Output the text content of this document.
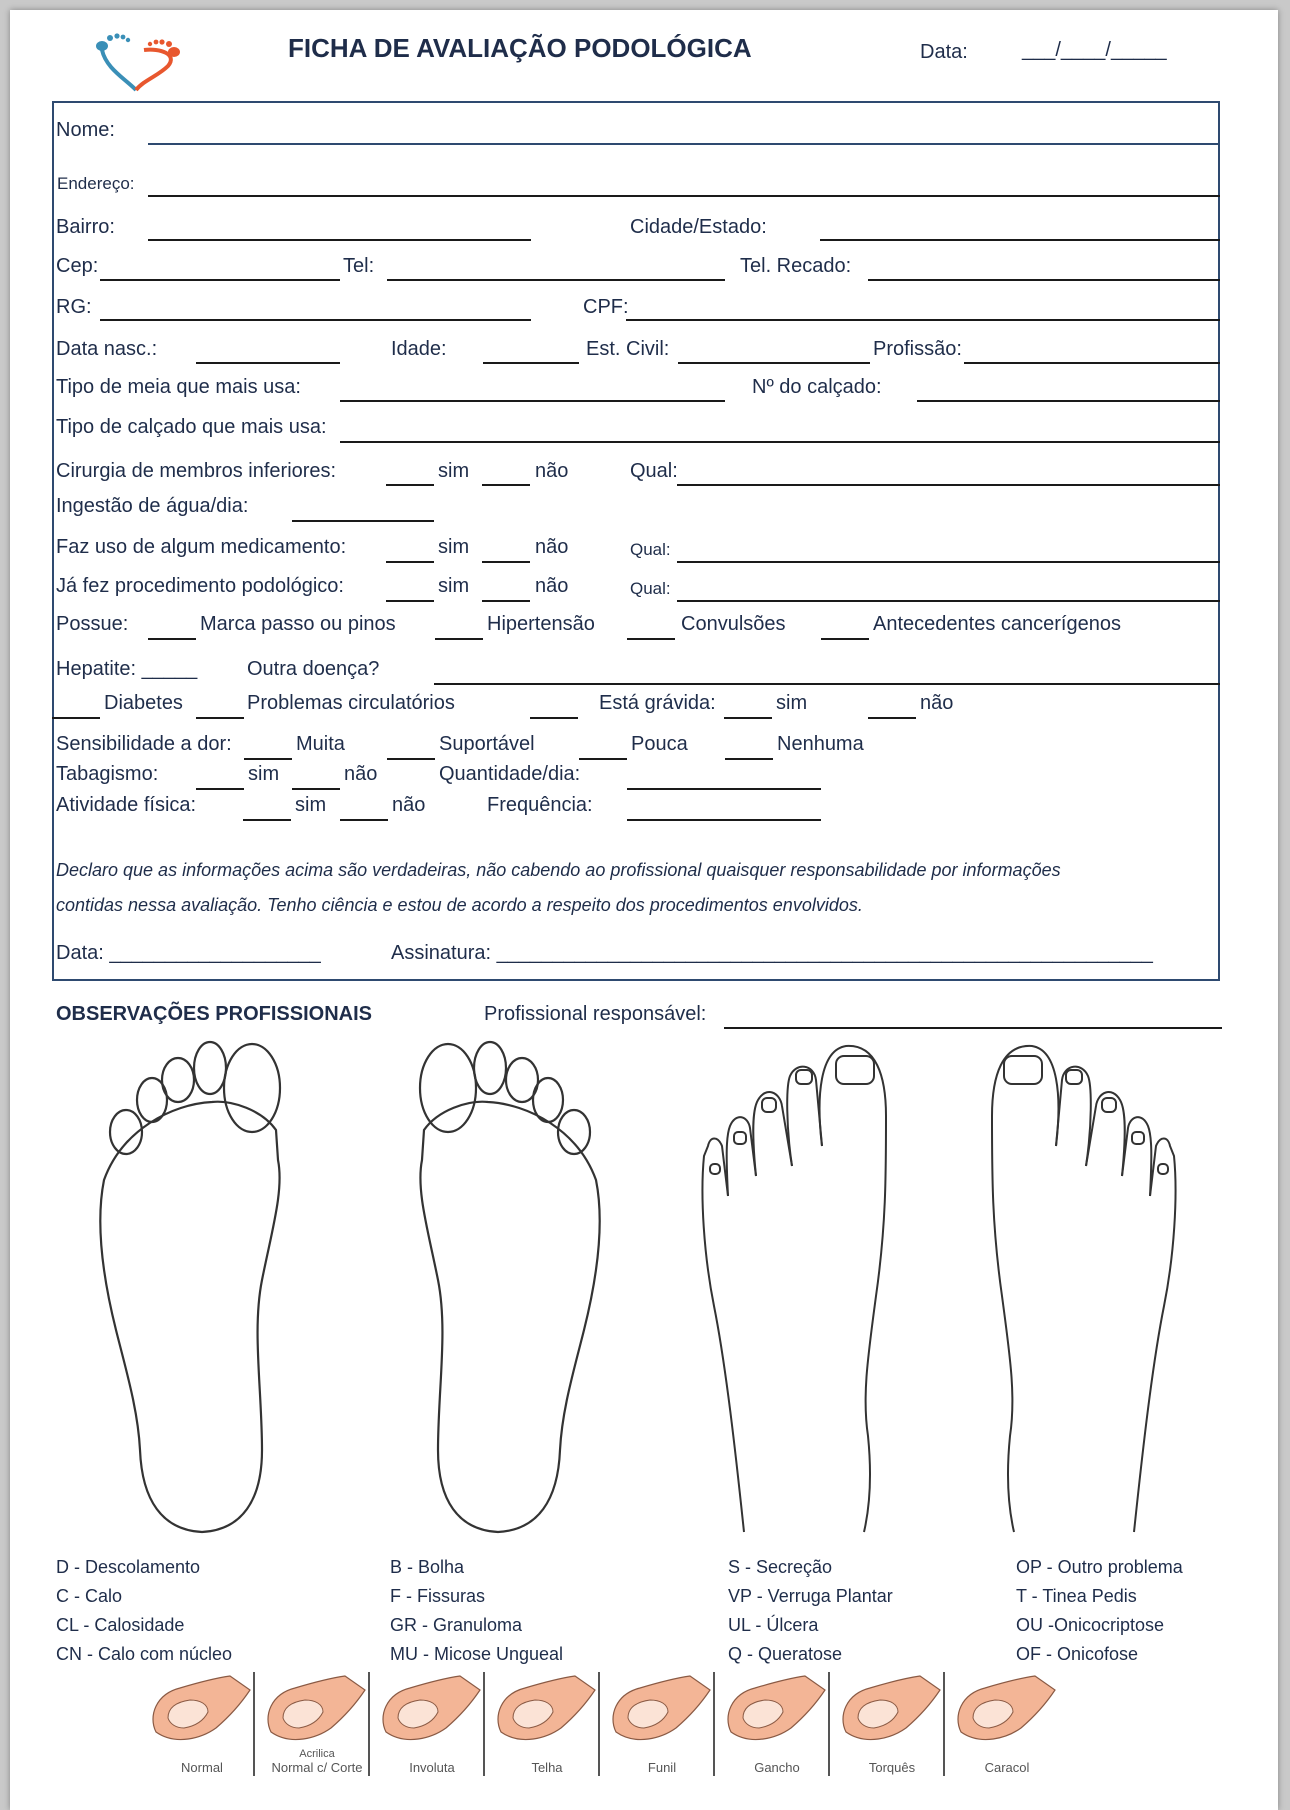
FICHA DE AVALIAÇÃO PODOLÓGICA	Data:	___/____/_____
Nome:
Endereço:
Bairro:	Cidade/Estado:
Cep:	Tel:	Tel. Recado:
RG:	CPF:
Data nasc.:	Idade:	Est. Civil:	Profissão:
Tipo de meia que mais usa:	Nº do calçado:
Tipo de calçado que mais usa:
Cirurgia de membros inferiores:	sim	não	Qual:
Ingestão de água/dia:
Faz uso de algum medicamento:	sim	não	Qual:
Já fez procedimento podológico:	sim	não	Qual:
Possue:	Marca passo ou pinos	Hipertensão	Convulsões	Antecedentes cancerígenos
Hepatite: _____ Outra doença?
Diabetes	Problemas circulatórios	Está grávida:	sim	não
Sensibilidade a dor:	Muita	Suportável	Pouca	Nenhuma
Tabagismo:	sim	não	Quantidade/dia:
Atividade física:	sim	não	Frequência:
Declaro que as informações acima são verdadeiras, não cabendo ao profissional quaisquer responsabilidade por informações
contidas nessa avaliação. Tenho ciência e estou de acordo a respeito dos procedimentos envolvidos.
Data: ___________________	Assinatura: ___________________________________________________________
OBSERVAÇÕES PROFISSIONAIS	Profissional responsável:
D - Descolamento
C - Calo
CL - Calosidade
CN - Calo com núcleo
B - Bolha
F - Fissuras
GR - Granuloma
MU - Micose Ungueal
S - Secreção
VP - Verruga Plantar
UL - Úlcera
Q - Queratose
OP - Outro problema
T - Tinea Pedis
OU -Onicocriptose
OF - Onicofose
Normal
Acrilica
Normal c/ Corte	Involuta	Telha	Funil	Gancho	Torquês	Caracol
